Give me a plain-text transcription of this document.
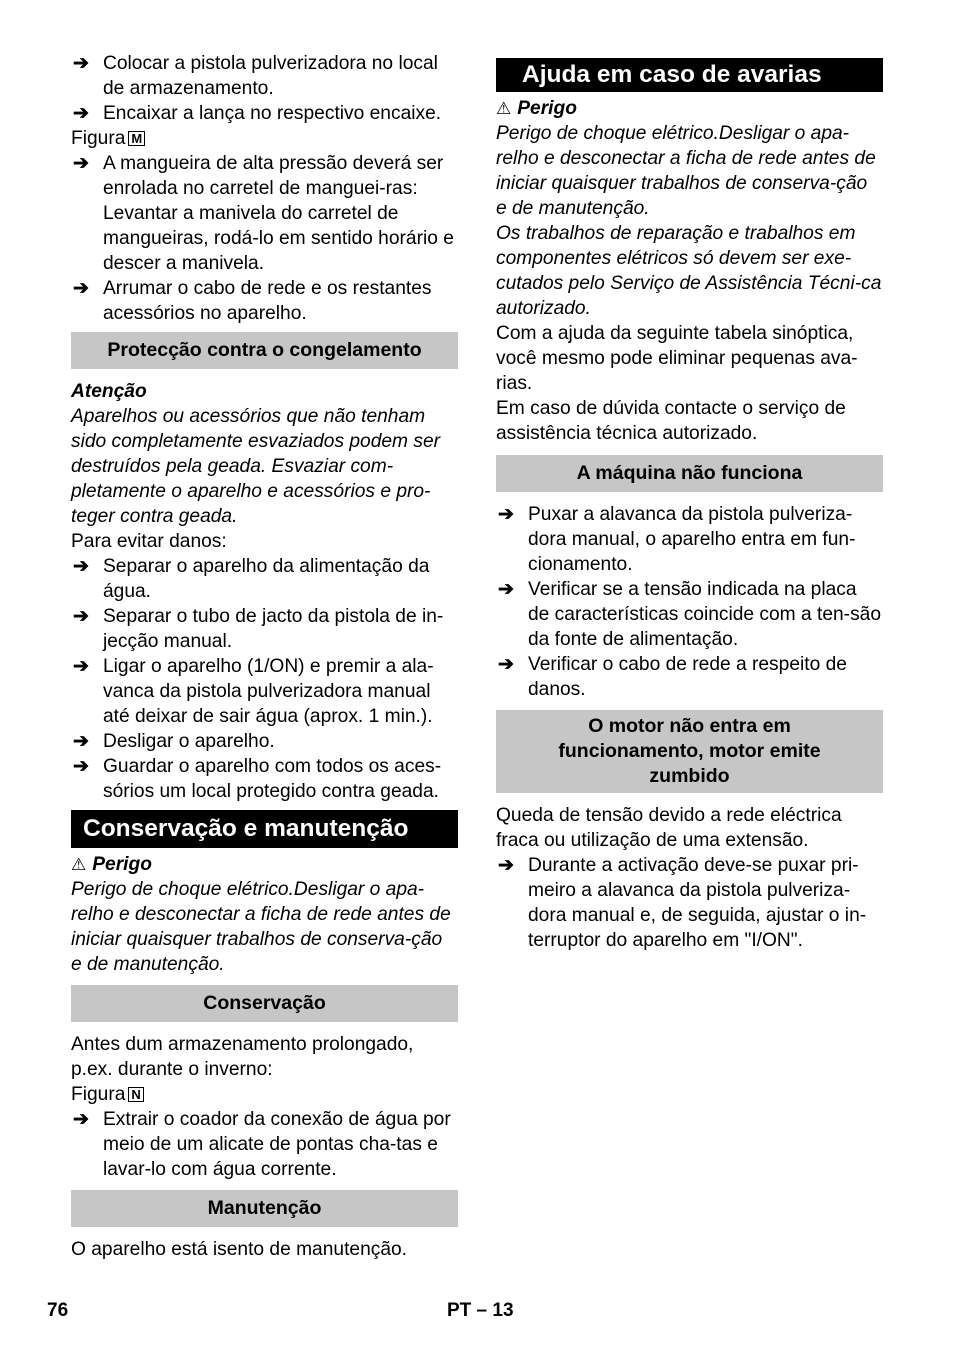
➔ Colocar a pistola pulverizadora no local de armazenamento.

➔ Encaixar a lança no respectivo encaixe.

Figura M

➔ A mangueira de alta pressão deverá ser enrolada no carretel de manguei-ras: Levantar a manivela do carretel de mangueiras, rodá-lo em sentido horário e descer a manivela.

➔ Arrumar o cabo de rede e os restantes acessórios no aparelho.

Protecção contra o congelamento

Atenção

Aparelhos ou acessórios que não tenham sido completamente esvaziados podem ser destruídos pela geada. Esvaziar com-pletamente o aparelho e acessórios e pro-teger contra geada.

Para evitar danos:

➔ Separar o aparelho da alimentação da água.

➔ Separar o tubo de jacto da pistola de in-jecção manual.

➔ Ligar o aparelho (1/ON) e premir a ala-vanca da pistola pulverizadora manual até deixar de sair água (aprox. 1 min.).

➔ Desligar o aparelho.

➔ Guardar o aparelho com todos os aces-sórios um local protegido contra geada.

Conservação e manutenção

⚠ Perigo

Perigo de choque elétrico.Desligar o apa-relho e desconectar a ficha de rede antes de iniciar quaisquer trabalhos de conserva-ção e de manutenção.

Conservação

Antes dum armazenamento prolongado, p.ex. durante o inverno:

Figura N

➔ Extrair o coador da conexão de água por meio de um alicate de pontas cha-tas e lavar-lo com água corrente.

Manutenção

O aparelho está isento de manutenção.

Ajuda em caso de avarias

⚠ Perigo

Perigo de choque elétrico.Desligar o apa-relho e desconectar a ficha de rede antes de iniciar quaisquer trabalhos de conserva-ção e de manutenção.

Os trabalhos de reparação e trabalhos em componentes elétricos só devem ser exe-cutados pelo Serviço de Assistência Técni-ca autorizado.

Com a ajuda da seguinte tabela sinóptica, você mesmo pode eliminar pequenas ava-rias.

Em caso de dúvida contacte o serviço de assistência técnica autorizado.

A máquina não funciona

➔ Puxar a alavanca da pistola pulveriza-dora manual, o aparelho entra em fun-cionamento.

➔ Verificar se a tensão indicada na placa de características coincide com a ten-são da fonte de alimentação.

➔ Verificar o cabo de rede a respeito de danos.

O motor não entra em funcionamento, motor emite zumbido

Queda de tensão devido a rede eléctrica fraca ou utilização de uma extensão.

➔ Durante a activação deve-se puxar pri-meiro a alavanca da pistola pulveriza-dora manual e, de seguida, ajustar o in-terruptor do aparelho em "I/ON".

76	PT – 13
